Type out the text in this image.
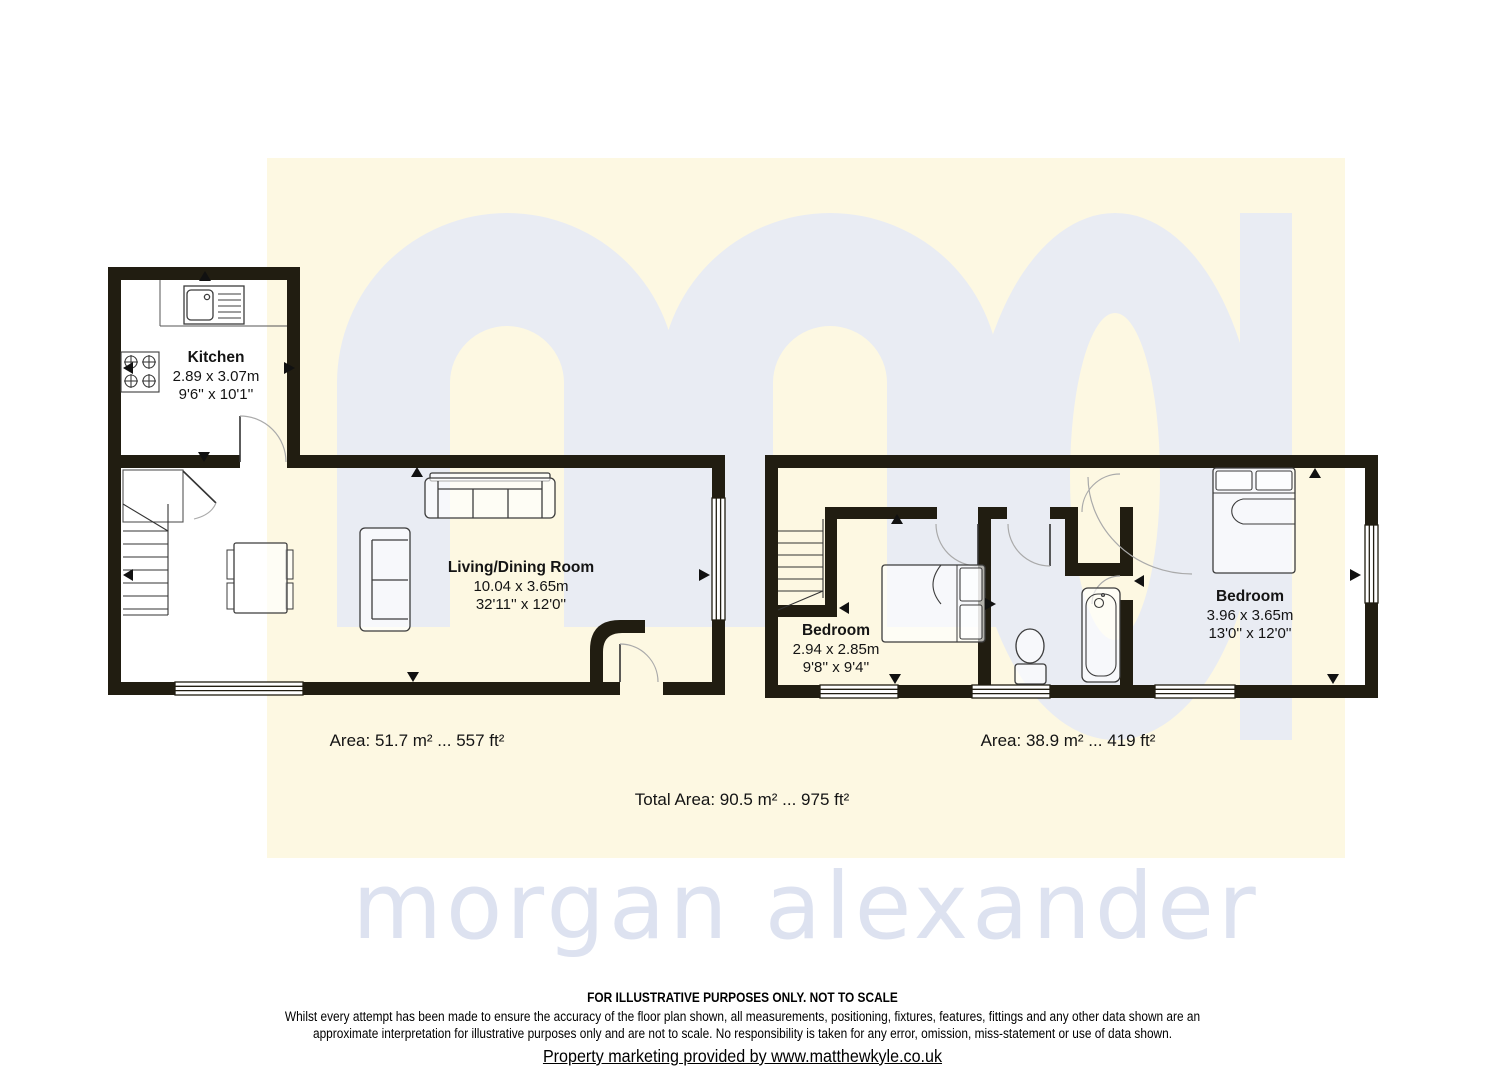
morgan alexander
Kitchen
2.89 x 3.07m
9'6'' x 10'1''
Living/Dining Room
10.04 x 3.65m
32'11'' x 12'0''
Bedroom
2.94 x 2.85m
9'8'' x 9'4''
Bedroom
3.96 x 3.65m
13'0'' x 12'0''
Area: 51.7 m² ... 557 ft²	Area: 38.9 m² ... 419 ft²
Total Area: 90.5 m² ... 975 ft²
FOR ILLUSTRATIVE PURPOSES ONLY. NOT TO SCALE
Whilst every attempt has been made to ensure the accuracy of the floor plan shown, all measurements, positioning, fixtures, features, fittings and any other data shown are an
approximate interpretation for illustrative purposes only and are not to scale. No responsibility is taken for any error, omission, miss-statement or use of data shown.
Property marketing provided by www.matthewkyle.co.uk
